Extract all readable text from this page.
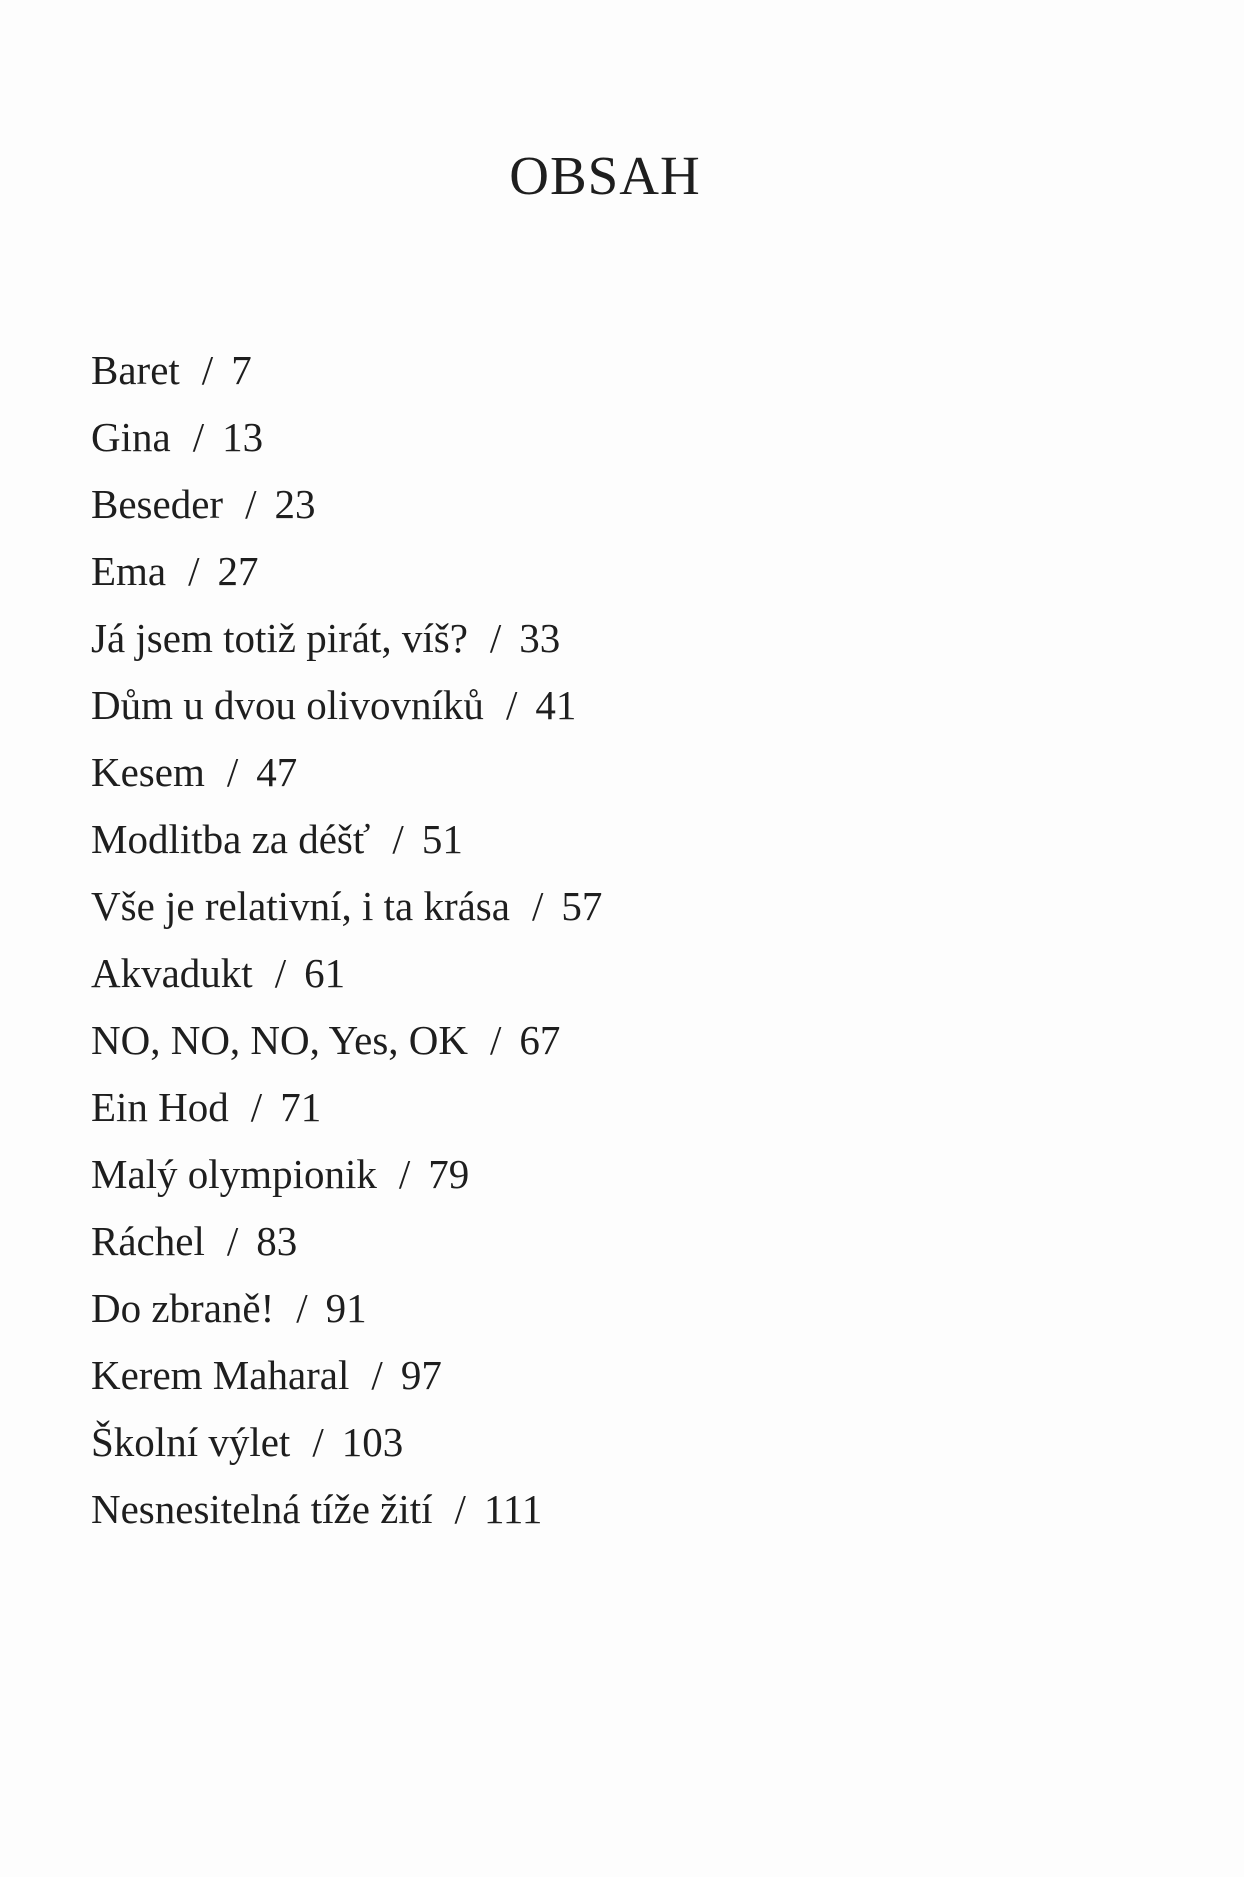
OBSAH
Baret / 7
Gina / 13
Beseder / 23
Ema / 27
Já jsem totiž pirát, víš? / 33
Dům u dvou olivovníků / 41
Kesem / 47
Modlitba za déšť / 51
Vše je relativní, i ta krása / 57
Akvadukt / 61
NO, NO, NO, Yes, OK / 67
Ein Hod / 71
Malý olympionik / 79
Ráchel / 83
Do zbraně! / 91
Kerem Maharal / 97
Školní výlet / 103
Nesnesitelná tíže žití / 111
